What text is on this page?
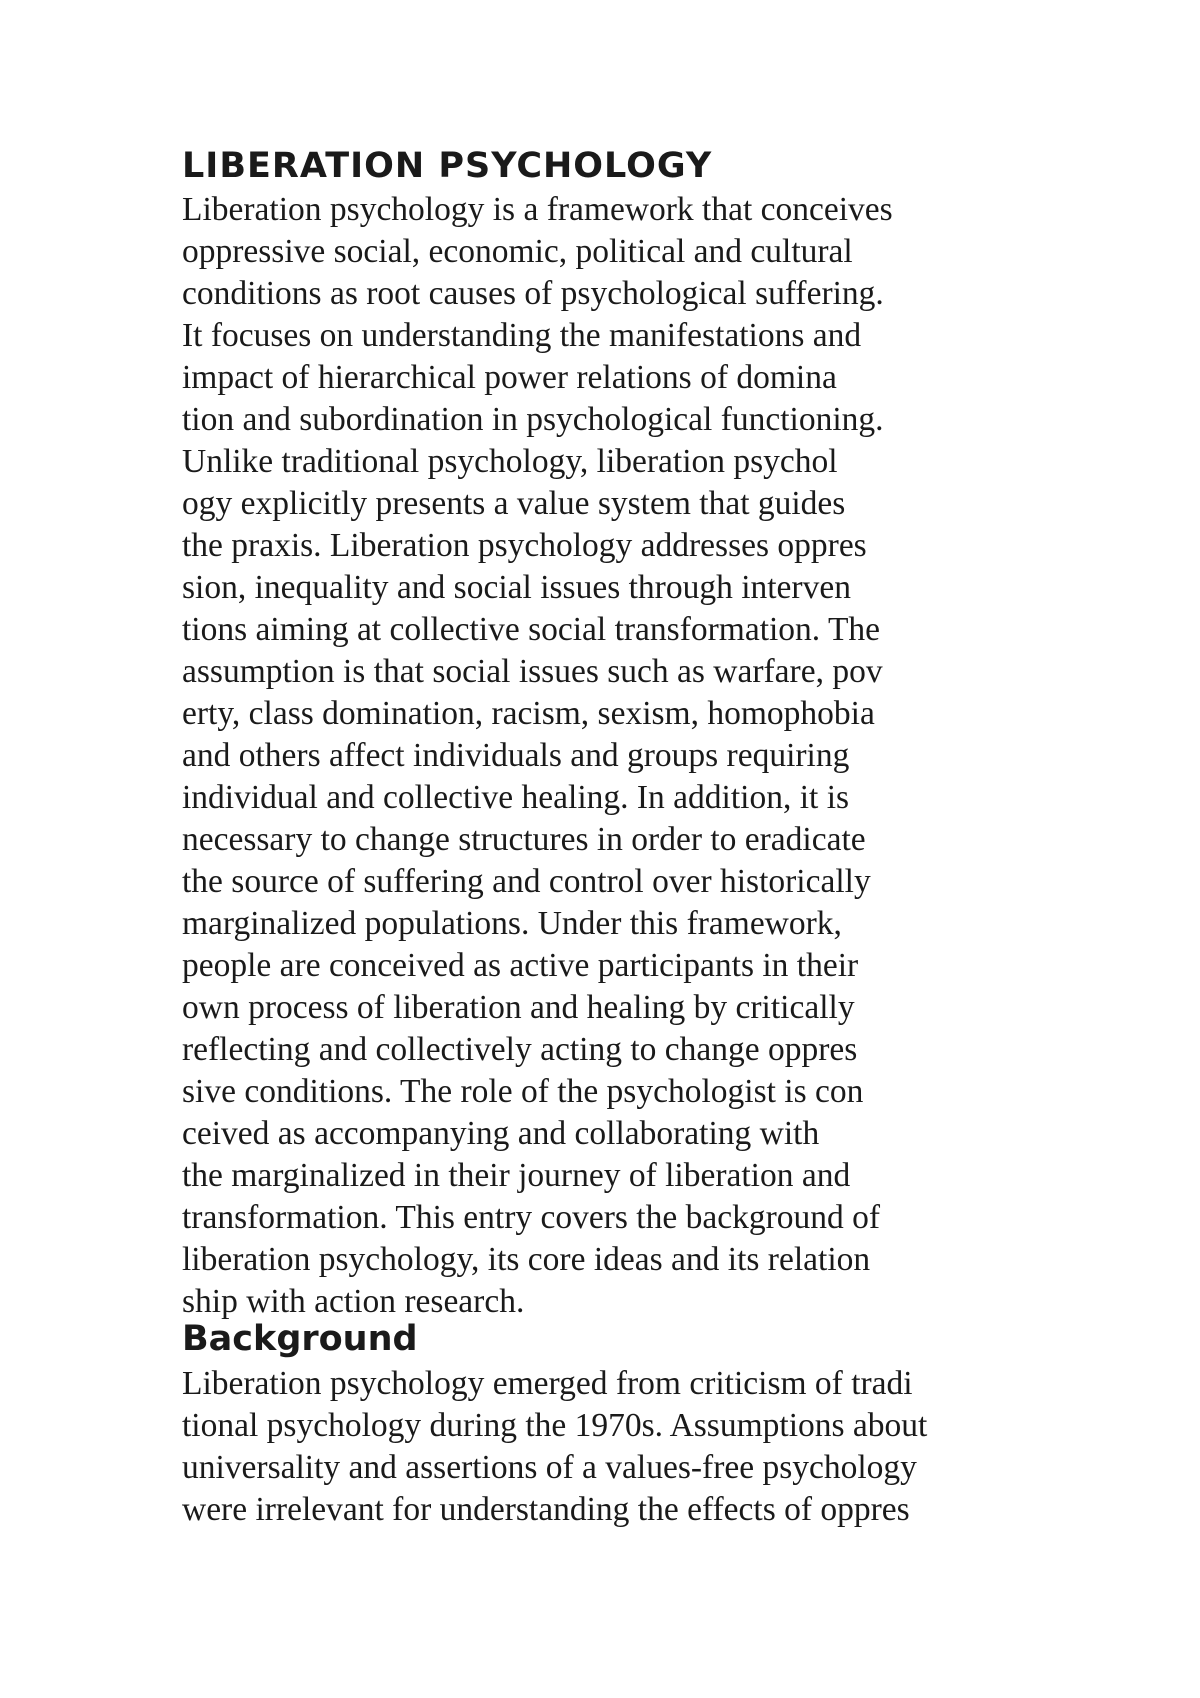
LIBERATION PSYCHOLOGY
Liberation psychology is a framework that conceives
oppressive social, economic, political and cultural
conditions as root causes of psychological suffering.
It focuses on understanding the manifestations and
impact of hierarchical power relations of domina
tion and subordination in psychological functioning.
Unlike traditional psychology, liberation psychol
ogy explicitly presents a value system that guides
the praxis. Liberation psychology addresses oppres
sion, inequality and social issues through interven
tions aiming at collective social transformation. The
assumption is that social issues such as warfare, pov
erty, class domination, racism, sexism, homophobia
and others affect individuals and groups requiring
individual and collective healing. In addition, it is
necessary to change structures in order to eradicate
the source of suffering and control over historically
marginalized populations. Under this framework,
people are conceived as active participants in their
own process of liberation and healing by critically
reflecting and collectively acting to change oppres
sive conditions. The role of the psychologist is con
ceived as accompanying and collaborating with
the marginalized in their journey of liberation and
transformation. This entry covers the background of
liberation psychology, its core ideas and its relation
ship with action research.
Background
Liberation psychology emerged from criticism of tradi
tional psychology during the 1970s. Assumptions about
universality and assertions of a values-free psychology
were irrelevant for understanding the effects of oppres
